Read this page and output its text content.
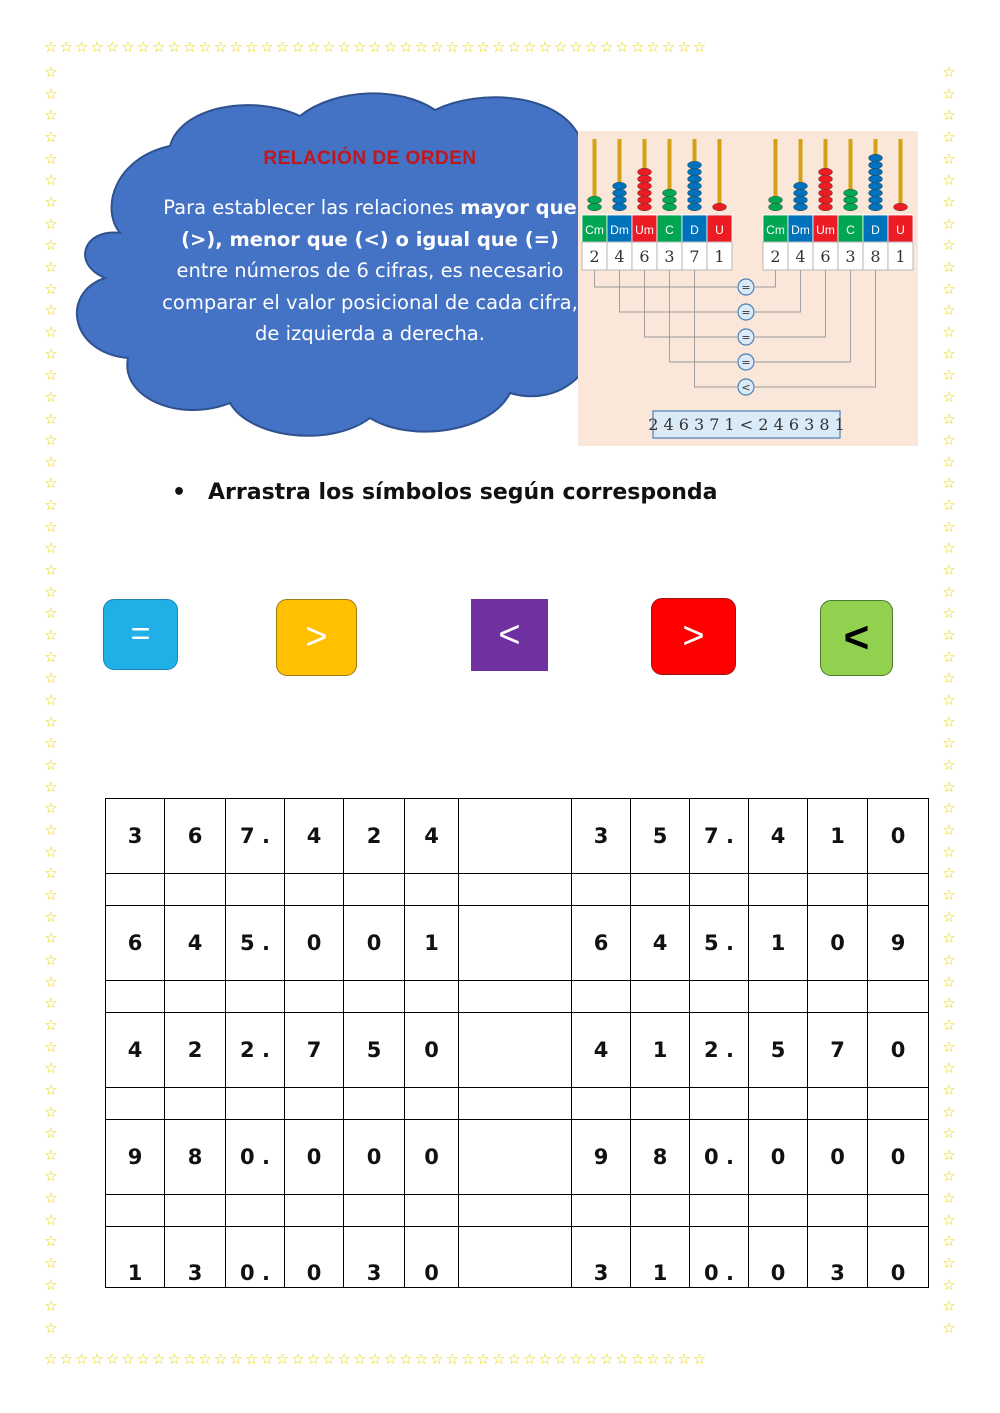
☆☆☆☆☆☆☆☆☆☆☆☆☆☆☆☆☆☆☆☆☆☆☆☆☆☆☆☆☆☆☆☆☆☆☆☆☆☆☆☆☆☆☆
☆☆☆☆☆☆☆☆☆☆☆☆☆☆☆☆☆☆☆☆☆☆☆☆☆☆☆☆☆☆☆☆☆☆☆☆☆☆☆☆☆☆☆
☆ ☆ ☆ ☆ ☆ ☆ ☆ ☆ ☆ ☆ ☆ ☆ ☆ ☆ ☆ ☆ ☆ ☆ ☆ ☆ ☆ ☆ ☆ ☆ ☆ ☆ ☆ ☆ ☆ ☆ ☆ ☆ ☆ ☆ ☆ ☆ ☆ ☆ ☆ ☆ ☆ ☆ ☆ ☆ ☆ ☆ ☆ ☆ ☆ ☆ ☆ ☆ ☆ ☆ ☆ ☆ ☆ ☆ ☆
☆ ☆ ☆ ☆ ☆ ☆ ☆ ☆ ☆ ☆ ☆ ☆ ☆ ☆ ☆ ☆ ☆ ☆ ☆ ☆ ☆ ☆ ☆ ☆ ☆ ☆ ☆ ☆ ☆ ☆ ☆ ☆ ☆ ☆ ☆ ☆ ☆ ☆ ☆ ☆ ☆ ☆ ☆ ☆ ☆ ☆ ☆ ☆ ☆ ☆ ☆ ☆ ☆ ☆ ☆ ☆ ☆ ☆ ☆
RELACIÓN DE ORDEN
Para establecer las relaciones mayor que (>), menor que (<) o igual que (=) entre números de 6 cifras, es necesario comparar el valor posicional de cada cifra, de izquierda a derecha.
Cm
2
Dm
4
Um
6
C
3
D
7
U
1
Cm
2
Dm
4
Um
6
C
3
D
8
U
1
=
=
=
=
<
2 4 6 3 7 1 < 2 4 6 3 8 1
• Arrastra los símbolos según corresponda
=	>	<	>	<
3	6	7 .	4	2	4		3	5	7 .	4	1	0

6	4	5 .	0	0	1		6	4	5 .	1	0	9

4	2	2 .	7	5	0		4	1	2 .	5	7	0

9	8	0 .	0	0	0		9	8	0 .	0	0	0

1	3	0 .	0	3	0		3	1	0 .	0	3	0
